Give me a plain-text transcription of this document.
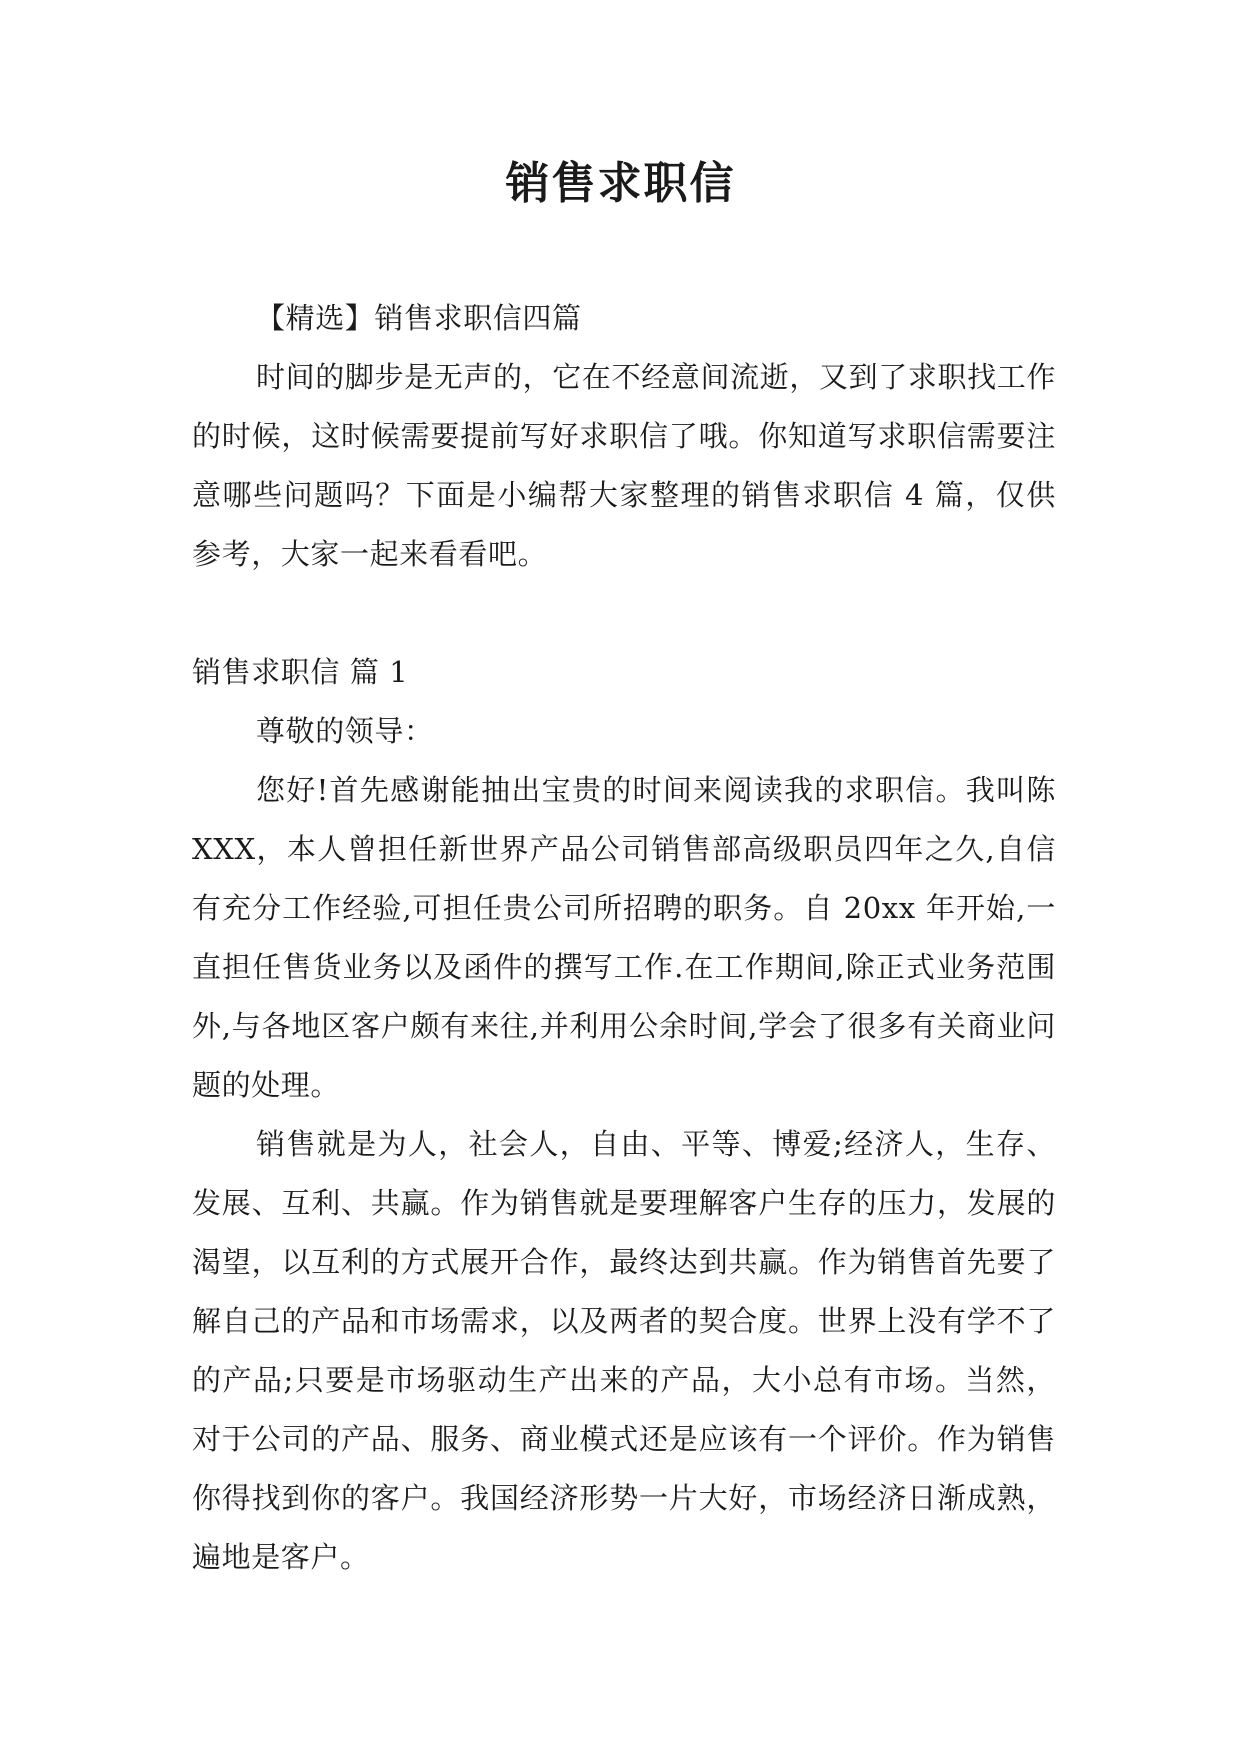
销售求职信

【精选】销售求职信四篇

时间的脚步是无声的，它在不经意间流逝，又到了求职找工作的时候，这时候需要提前写好求职信了哦。你知道写求职信需要注意哪些问题吗？下面是小编帮大家整理的销售求职信 4 篇，仅供参考，大家一起来看看吧。

销售求职信 篇 1

尊敬的领导：

您好!首先感谢能抽出宝贵的时间来阅读我的求职信。我叫陈 XXX，本人曾担任新世界产品公司销售部高级职员四年之久,自信有充分工作经验,可担任贵公司所招聘的职务。自 20xx 年开始,一直担任售货业务以及函件的撰写工作.在工作期间,除正式业务范围外,与各地区客户颇有来往,并利用公余时间,学会了很多有关商业问题的处理。

销售就是为人，社会人，自由、平等、博爱;经济人，生存、发展、互利、共赢。作为销售就是要理解客户生存的压力，发展的渴望，以互利的方式展开合作，最终达到共赢。作为销售首先要了解自己的产品和市场需求，以及两者的契合度。世界上没有学不了的产品;只要是市场驱动生产出来的产品，大小总有市场。当然，对于公司的产品、服务、商业模式还是应该有一个评价。作为销售你得找到你的客户。我国经济形势一片大好，市场经济日渐成熟，遍地是客户。
